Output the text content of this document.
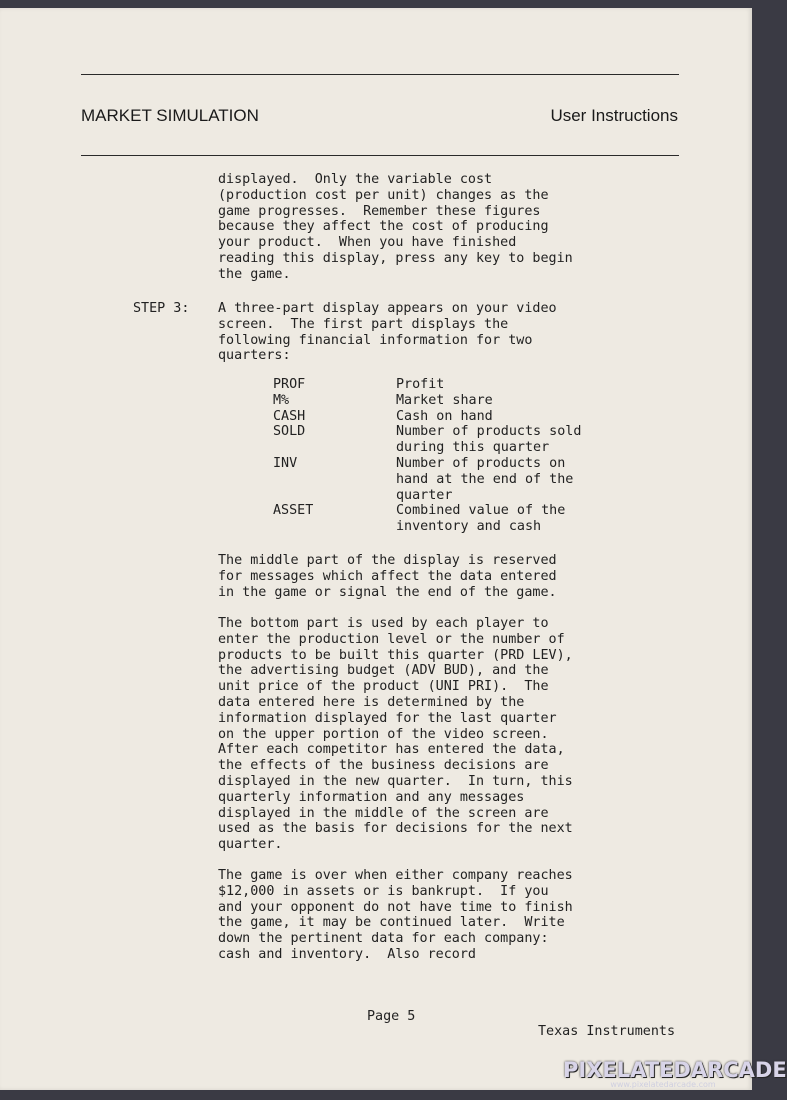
MARKET SIMULATION	User Instructions
displayed.  Only the variable cost
(production cost per unit) changes as the
game progresses.  Remember these figures
because they affect the cost of producing
your product.  When you have finished
reading this display, press any key to begin
the game.
STEP 3: A three-part display appears on your video
screen.  The first part displays the
following financial information for two
quarters:
PROF	Profit
M%	Market share
CASH	Cash on hand
SOLD	Number of products sold
during this quarter
INV	Number of products on
hand at the end of the
quarter
ASSET	Combined value of the
inventory and cash
The middle part of the display is reserved
for messages which affect the data entered
in the game or signal the end of the game.
The bottom part is used by each player to
enter the production level or the number of
products to be built this quarter (PRD LEV),
the advertising budget (ADV BUD), and the
unit price of the product (UNI PRI).  The
data entered here is determined by the
information displayed for the last quarter
on the upper portion of the video screen.
After each competitor has entered the data,
the effects of the business decisions are
displayed in the new quarter.  In turn, this
quarterly information and any messages
displayed in the middle of the screen are
used as the basis for decisions for the next
quarter.
The game is over when either company reaches
$12,000 in assets or is bankrupt.  If you
and your opponent do not have time to finish
the game, it may be continued later.  Write
down the pertinent data for each company:
cash and inventory.  Also record
Page 5
Texas Instruments
PIXELATEDARCADE
www.pixelatedarcade.com
